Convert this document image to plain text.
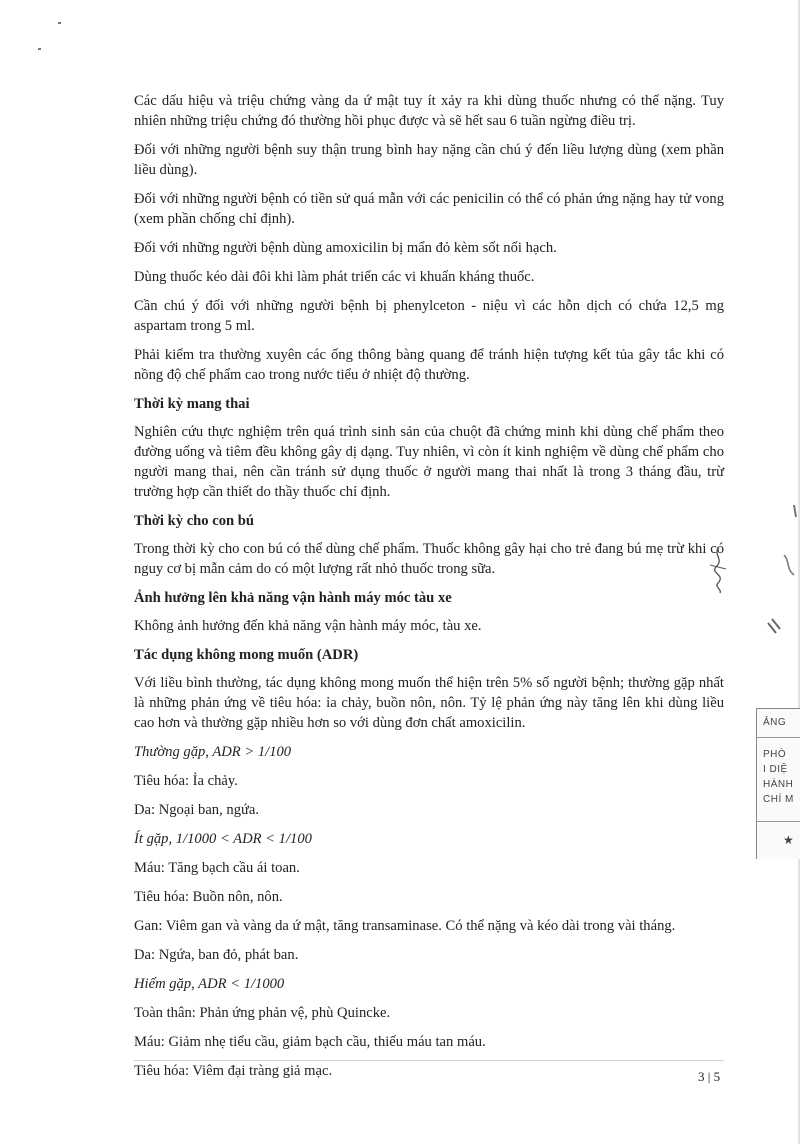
Các dấu hiệu và triệu chứng vàng da ứ mật tuy ít xảy ra khi dùng thuốc nhưng có thể nặng. Tuy nhiên những triệu chứng đó thường hồi phục được và sẽ hết sau 6 tuần ngừng điều trị.

Đối với những người bệnh suy thận trung bình hay nặng cần chú ý đến liều lượng dùng (xem phần liều dùng).

Đối với những người bệnh có tiền sử quá mẫn với các penicilin có thể có phản ứng nặng hay tử vong (xem phần chống chỉ định).

Đối với những người bệnh dùng amoxicilin bị mẩn đỏ kèm sốt nổi hạch.

Dùng thuốc kéo dài đôi khi làm phát triển các vi khuẩn kháng thuốc.

Cần chú ý đối với những người bệnh bị phenylceton - niệu vì các hỗn dịch có chứa 12,5 mg aspartam trong 5 ml.

Phải kiểm tra thường xuyên các ống thông bàng quang để tránh hiện tượng kết tủa gây tắc khi có nồng độ chế phẩm cao trong nước tiểu ở nhiệt độ thường.

Thời kỳ mang thai

Nghiên cứu thực nghiệm trên quá trình sinh sản của chuột đã chứng minh khi dùng chế phẩm theo đường uống và tiêm đều không gây dị dạng. Tuy nhiên, vì còn ít kinh nghiệm về dùng chế phẩm cho người mang thai, nên cần tránh sử dụng thuốc ở người mang thai nhất là trong 3 tháng đầu, trừ trường hợp cần thiết do thầy thuốc chỉ định.

Thời kỳ cho con bú

Trong thời kỳ cho con bú có thể dùng chế phẩm. Thuốc không gây hại cho trẻ đang bú mẹ trừ khi có nguy cơ bị mẫn cảm do có một lượng rất nhỏ thuốc trong sữa.

Ảnh hưởng lên khả năng vận hành máy móc tàu xe

Không ảnh hưởng đến khả năng vận hành máy móc, tàu xe.

Tác dụng không mong muốn (ADR)

Với liều bình thường, tác dụng không mong muốn thể hiện trên 5% số người bệnh; thường gặp nhất là những phản ứng về tiêu hóa: ỉa chảy, buồn nôn, nôn. Tỷ lệ phản ứng này tăng lên khi dùng liều cao hơn và thường gặp nhiều hơn so với dùng đơn chất amoxicilin.

Thường gặp, ADR > 1/100

Tiêu hóa: Ỉa chảy.

Da: Ngoại ban, ngứa.

Ít gặp, 1/1000 < ADR < 1/100

Máu: Tăng bạch cầu ái toan.

Tiêu hóa: Buồn nôn, nôn.

Gan: Viêm gan và vàng da ứ mật, tăng transaminase. Có thể nặng và kéo dài trong vài tháng.

Da: Ngứa, ban đỏ, phát ban.

Hiếm gặp, ADR < 1/1000

Toàn thân: Phản ứng phản vệ, phù Quincke.

Máu: Giảm nhẹ tiểu cầu, giảm bạch cầu, thiếu máu tan máu.

Tiêu hóa: Viêm đại tràng giả mạc.	3 | 5
ẢNG
PHÒ
I DIỆ
HÀNH
CHÍ M
★
